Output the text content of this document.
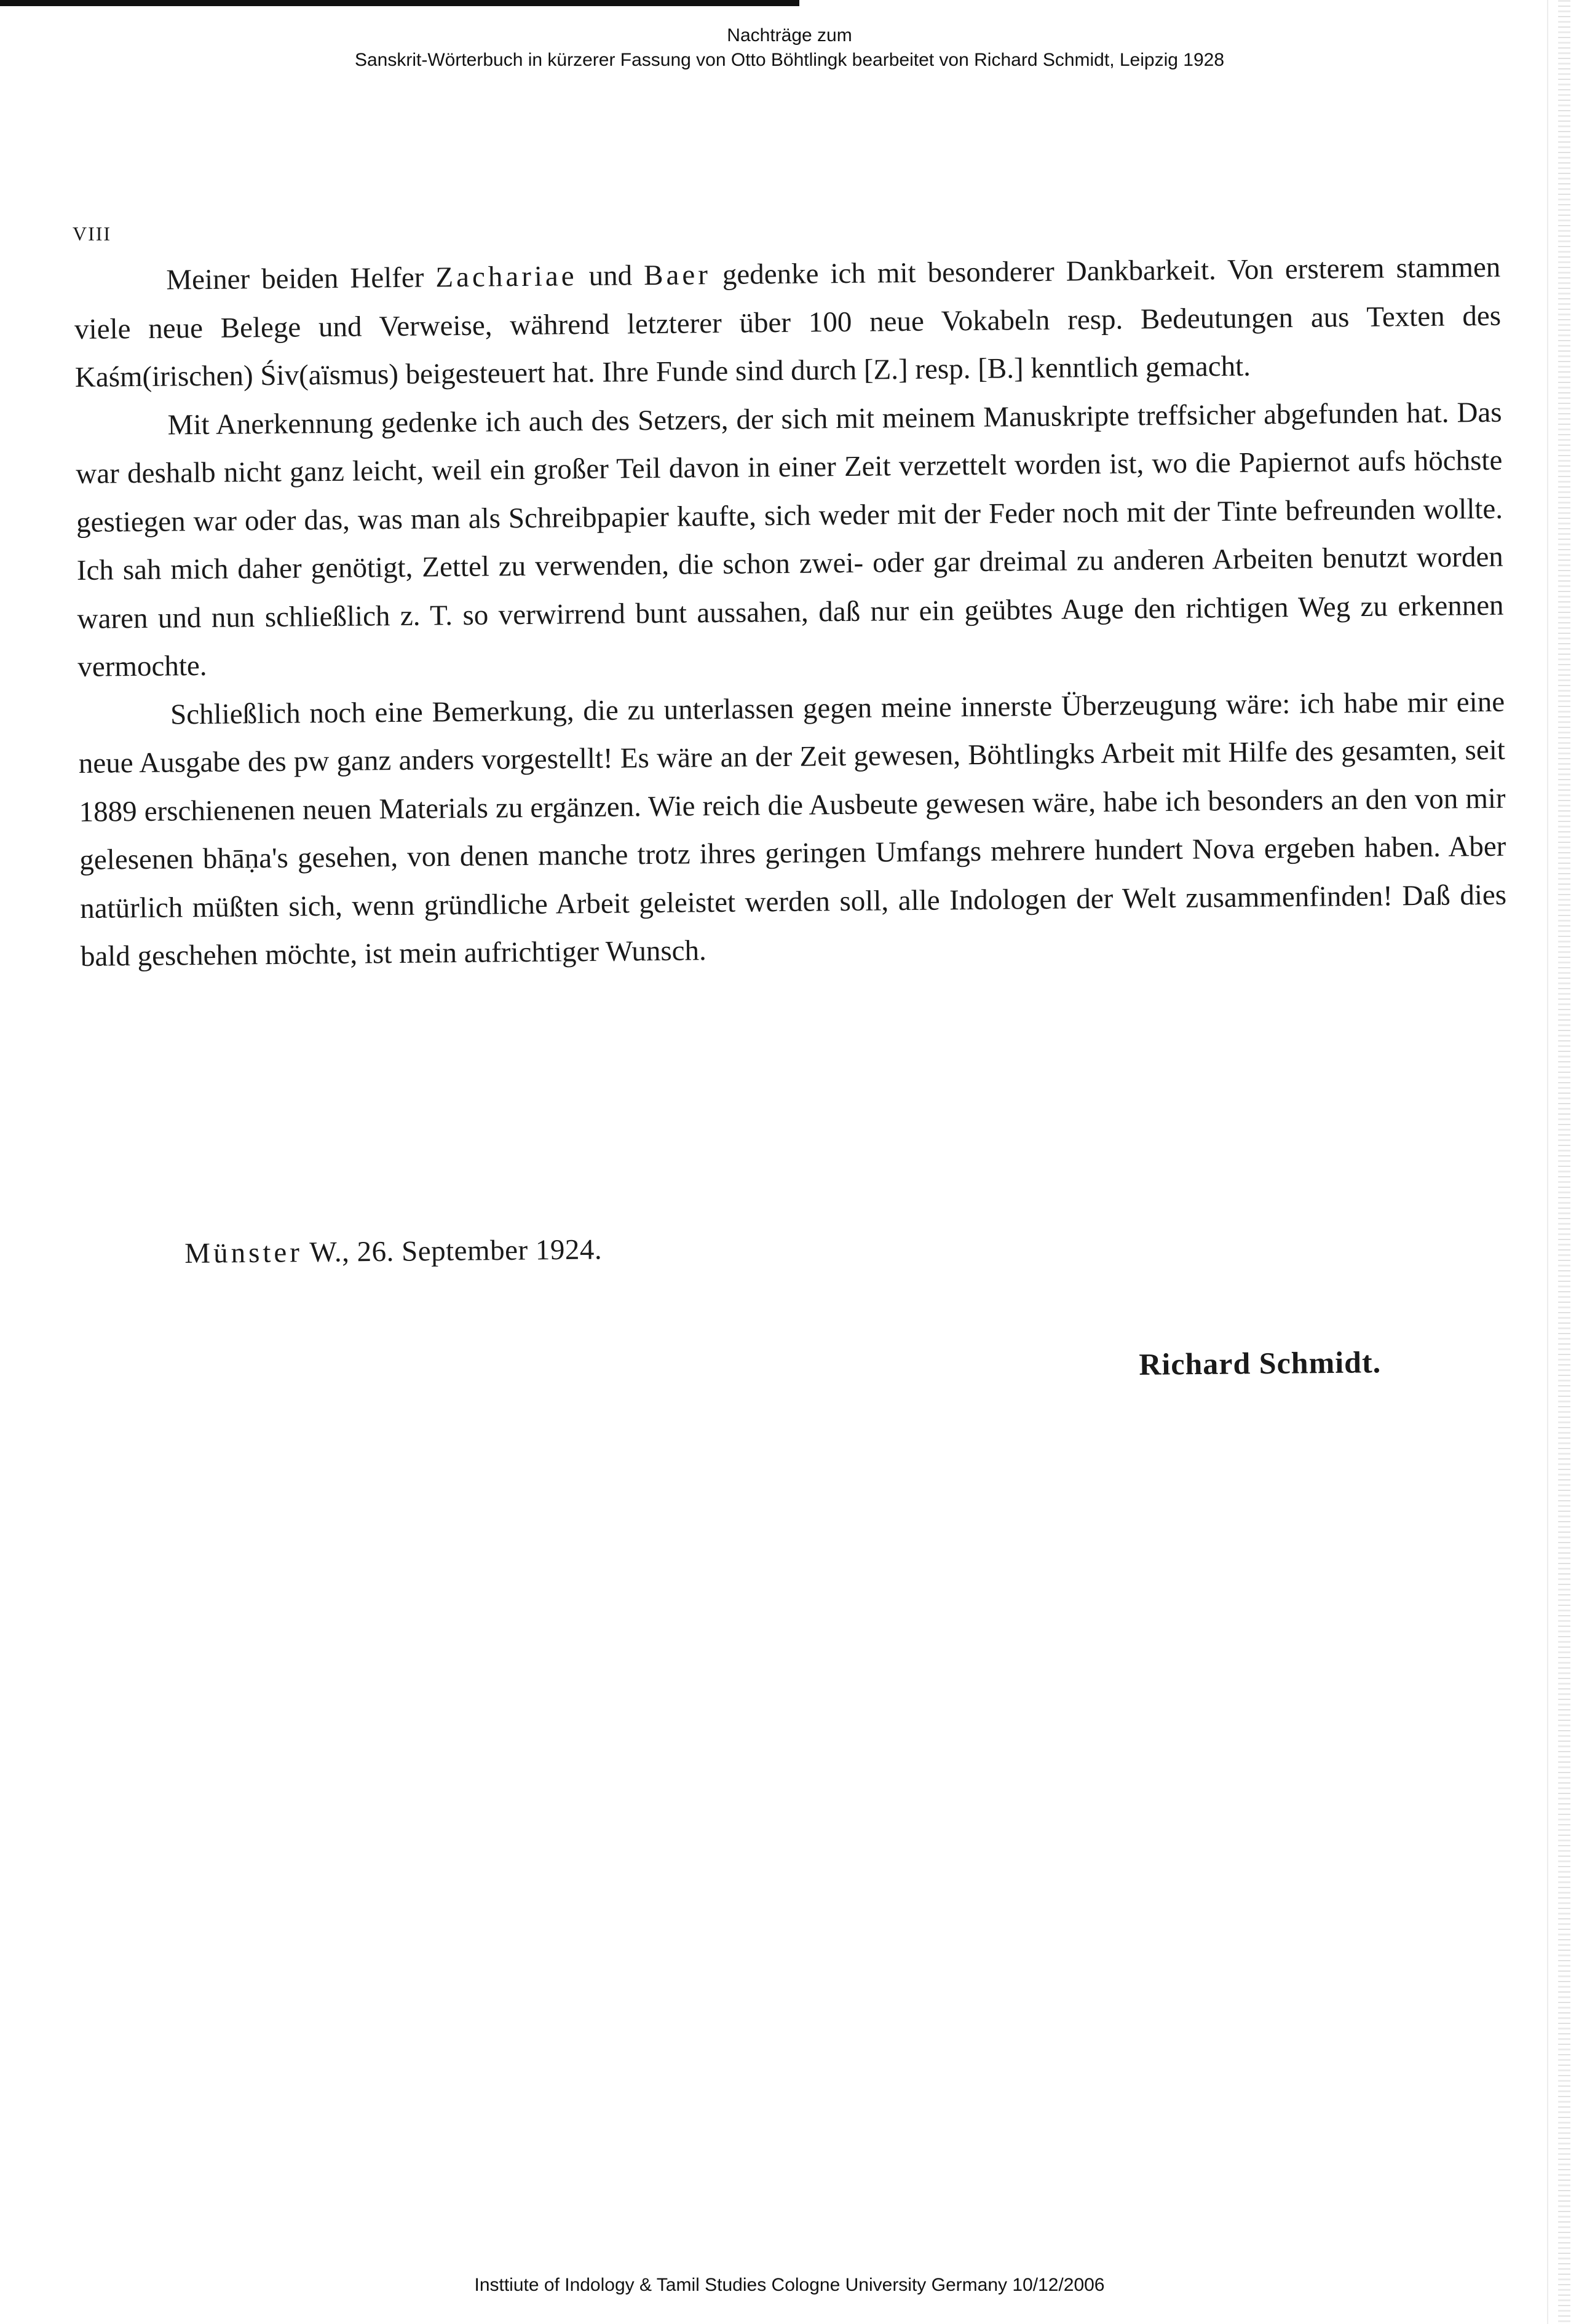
Nachträge zum
Sanskrit-Wörterbuch in kürzerer Fassung von Otto Böhtlingk bearbeitet von Richard Schmidt, Leipzig 1928
VIII

Meiner beiden Helfer Zachariae und Baer gedenke ich mit besonderer Dankbarkeit. Von ersterem stammen viele neue Belege und Verweise, während letzterer über 100 neue Vokabeln resp. Bedeutungen aus Texten des Kaśm(irischen) Śiv(aïsmus) beigesteuert hat. Ihre Funde sind durch [Z.] resp. [B.] kenntlich gemacht.

Mit Anerkennung gedenke ich auch des Setzers, der sich mit meinem Manuskripte treffsicher abgefunden hat. Das war deshalb nicht ganz leicht, weil ein großer Teil davon in einer Zeit verzettelt worden ist, wo die Papiernot aufs höchste gestiegen war oder das, was man als Schreibpapier kaufte, sich weder mit der Feder noch mit der Tinte befreunden wollte. Ich sah mich daher genötigt, Zettel zu verwenden, die schon zwei- oder gar dreimal zu anderen Arbeiten benutzt worden waren und nun schließlich z. T. so verwirrend bunt aussahen, daß nur ein geübtes Auge den richtigen Weg zu erkennen vermochte.

Schließlich noch eine Bemerkung, die zu unterlassen gegen meine innerste Überzeugung wäre: ich habe mir eine neue Ausgabe des pw ganz anders vorgestellt! Es wäre an der Zeit gewesen, Böhtlingks Arbeit mit Hilfe des gesamten, seit 1889 erschienenen neuen Materials zu ergänzen. Wie reich die Ausbeute gewesen wäre, habe ich besonders an den von mir gelesenen bhāṇa's gesehen, von denen manche trotz ihres geringen Umfangs mehrere hundert Nova ergeben haben. Aber natürlich müßten sich, wenn gründliche Arbeit geleistet werden soll, alle Indologen der Welt zusammenfinden! Daß dies bald geschehen möchte, ist mein aufrichtiger Wunsch.

Münster W., 26. September 1924.
Richard Schmidt.
Insttiute of Indology & Tamil Studies Cologne University Germany 10/12/2006
